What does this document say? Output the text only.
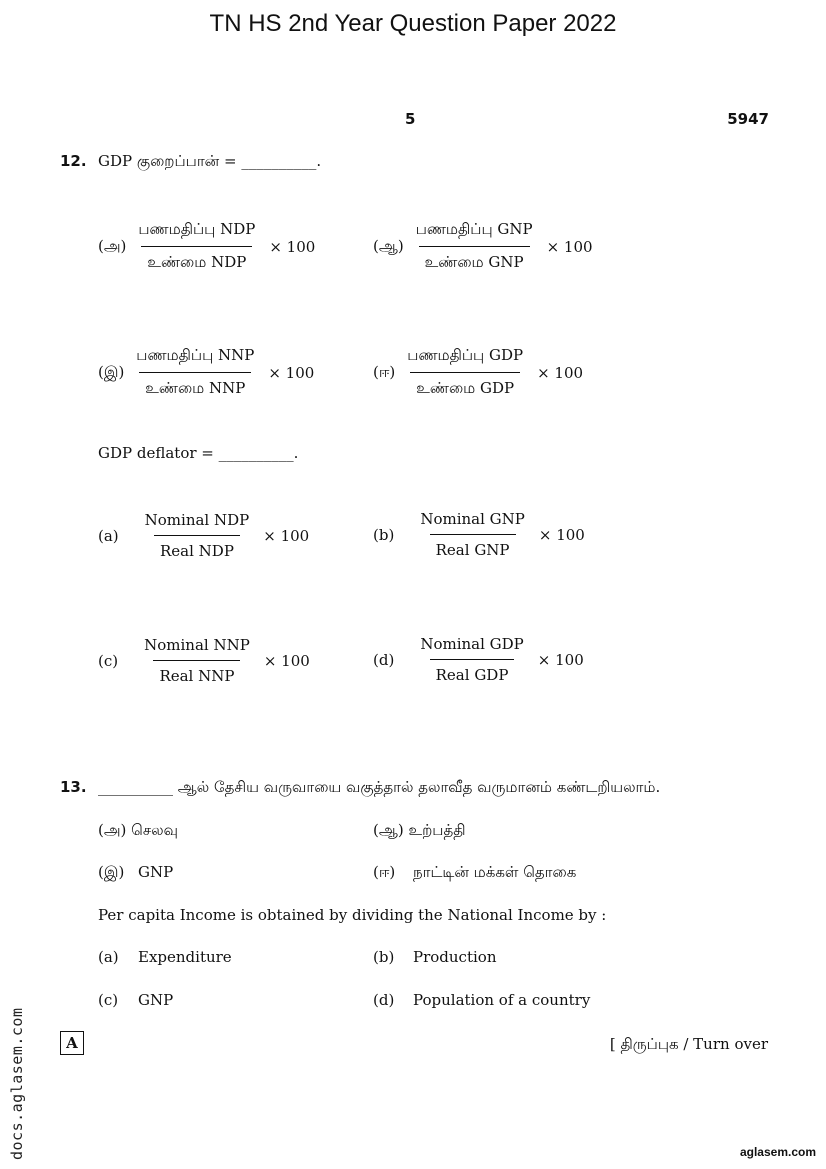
TN HS 2nd Year Question Paper 2022
5	5947
12. GDP குறைப்பான் = __________.
(அ) $\frac{\text{பணமதிப்பு NDP}}{\text{உண்மை NDP}} \times 100$	(ஆ) $\frac{\text{பணமதிப்பு GNP}}{\text{உண்மை GNP}} \times 100$
(இ) $\frac{\text{பணமதிப்பு NNP}}{\text{உண்மை NNP}} \times 100$	(ஈ) $\frac{\text{பணமதிப்பு GDP}}{\text{உண்மை GDP}} \times 100$
GDP deflator = __________.
$(a) \frac{\text{Nominal NDP}}{\text{Real NDP}} \times 100$	$(b) \frac{\text{Nominal GNP}}{\text{Real GNP}} \times 100$
$(c) \frac{\text{Nominal NNP}}{\text{Real NNP}} \times 100$	$(d) \frac{\text{Nominal GDP}}{\text{Real GDP}} \times 100$
13. __________ ஆல் தேசிய வருவாயை வகுத்தால் தலாவீத வருமானம் கண்டறியலாம்.
(அ) செலவு	(ஆ) உற்பத்தி
(இ) GNP	(ஈ) நாட்டின் மக்கள் தொகை
Per capita Income is obtained by dividing the National Income by :
(a) Expenditure	(b) Production
(c) GNP	(d) Population of a country
A	[ திருப்புக / Turn over
docs.aglasem.com	aglasem.com
